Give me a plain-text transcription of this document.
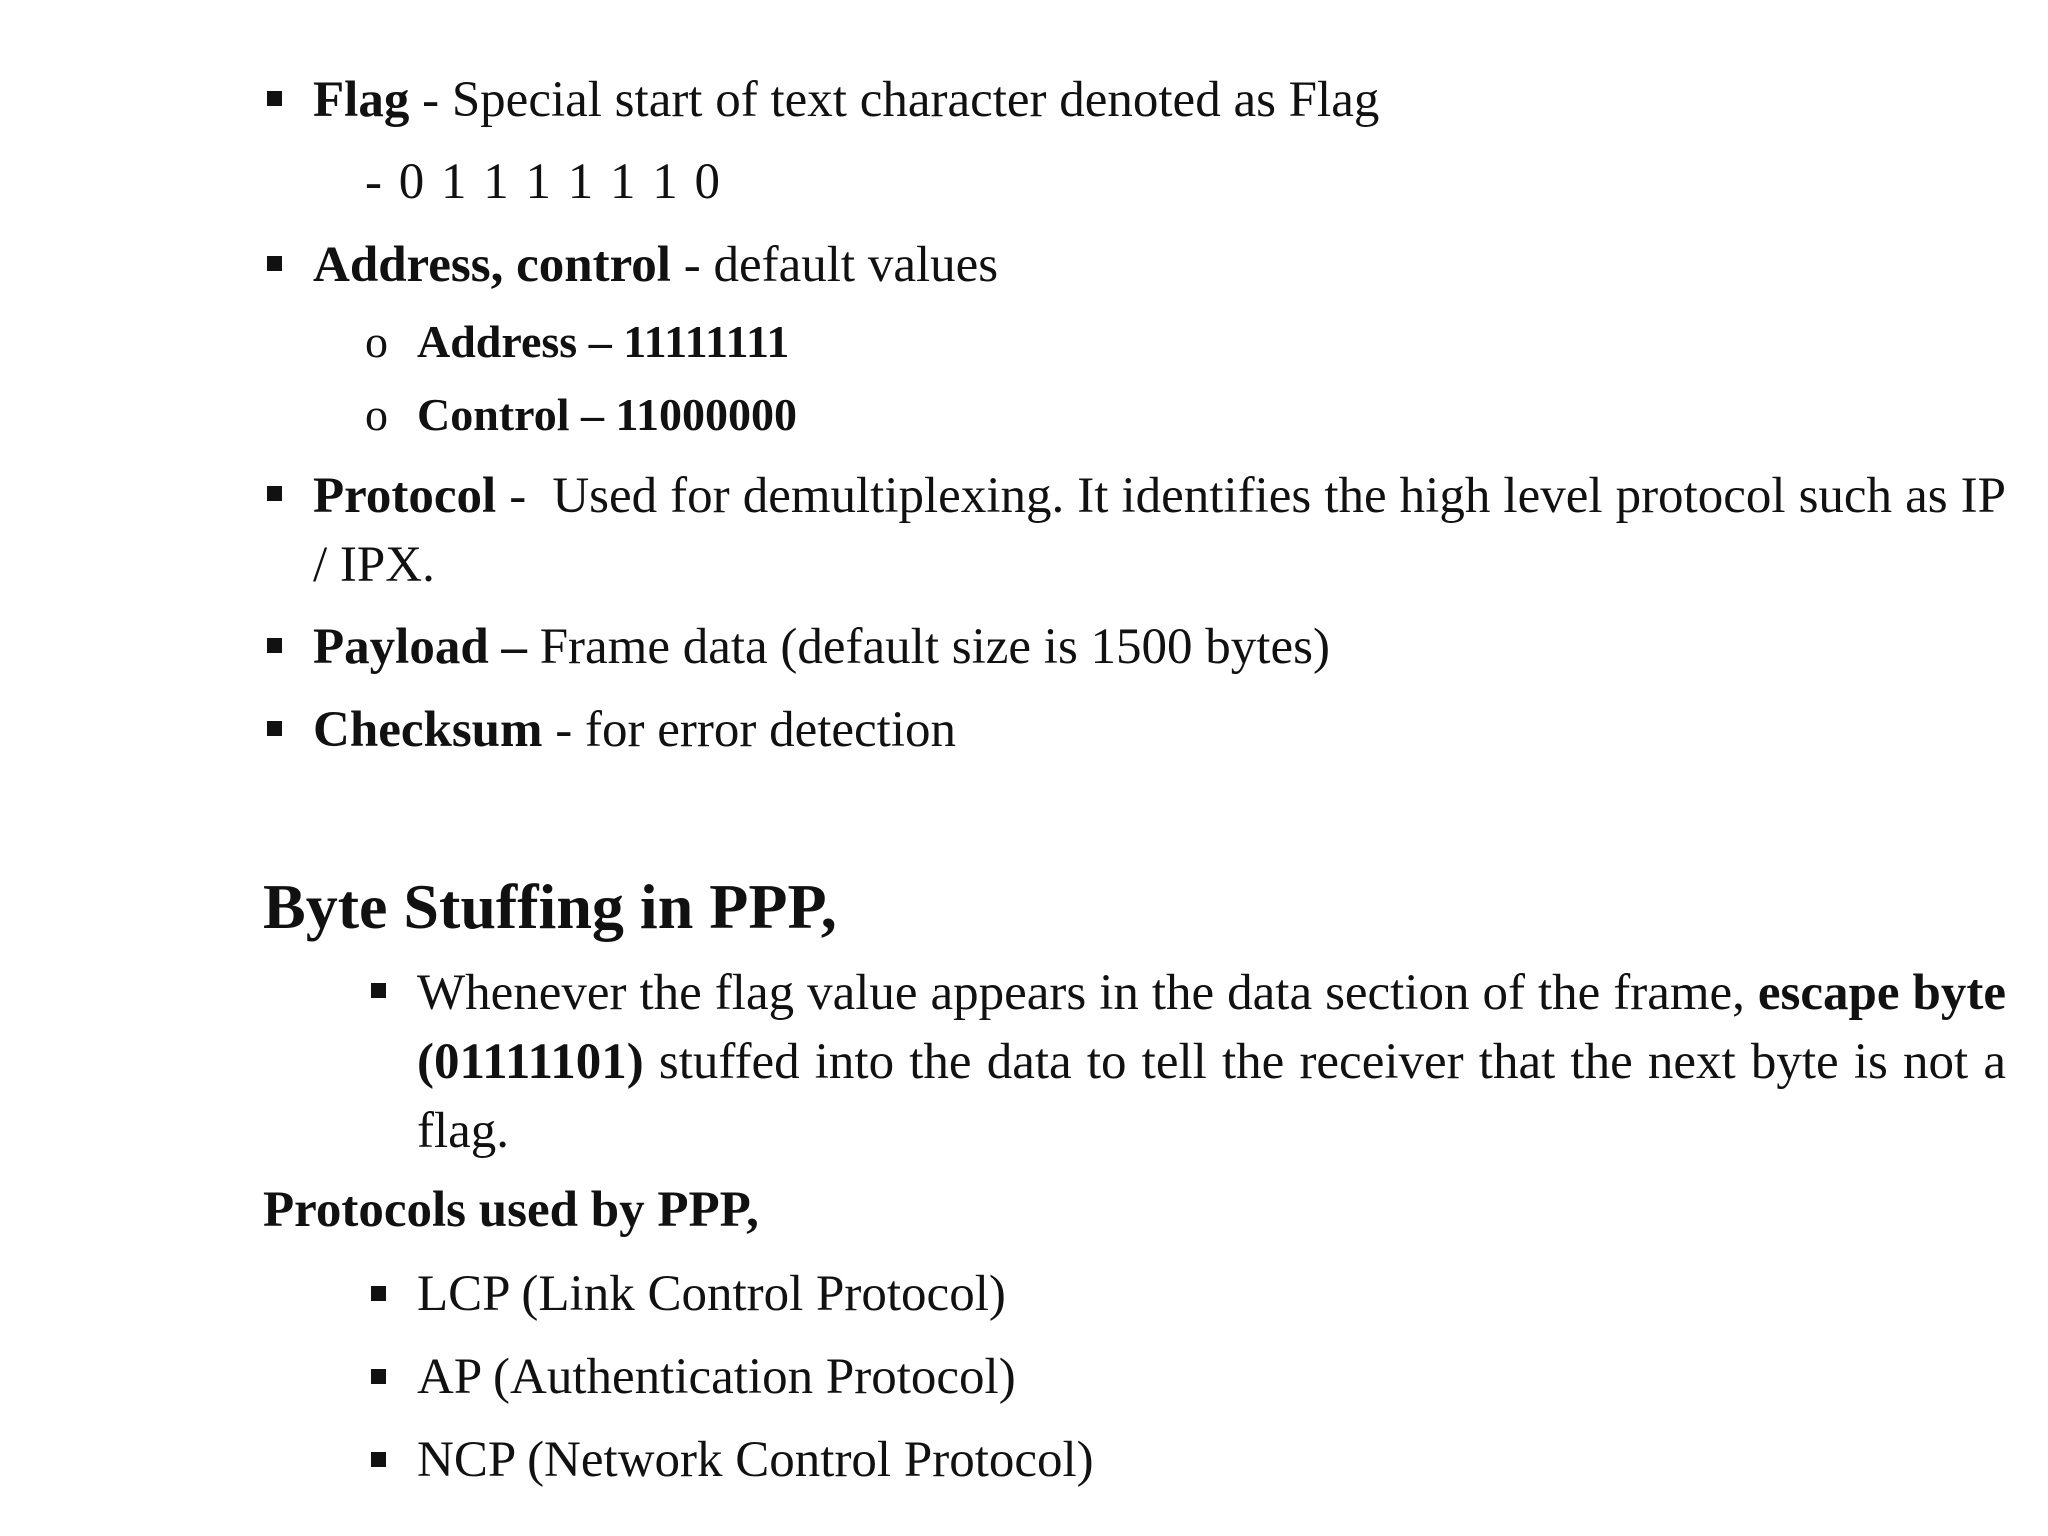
Flag - Special start of text character denoted as Flag
- 0 1 1 1 1 1 1 0
Address, control - default values
o Address – 11111111
o Control – 11000000
Protocol -  Used for demultiplexing. It identifies the high level protocol such as IP / IPX.
Payload – Frame data (default size is 1500 bytes)
Checksum - for error detection
Byte Stuffing in PPP,
Whenever the flag value appears in the data section of the frame, escape byte (01111101) stuffed into the data to tell the receiver that the next byte is not a flag.
Protocols used by PPP,
LCP (Link Control Protocol)
AP (Authentication Protocol)
NCP (Network Control Protocol)
